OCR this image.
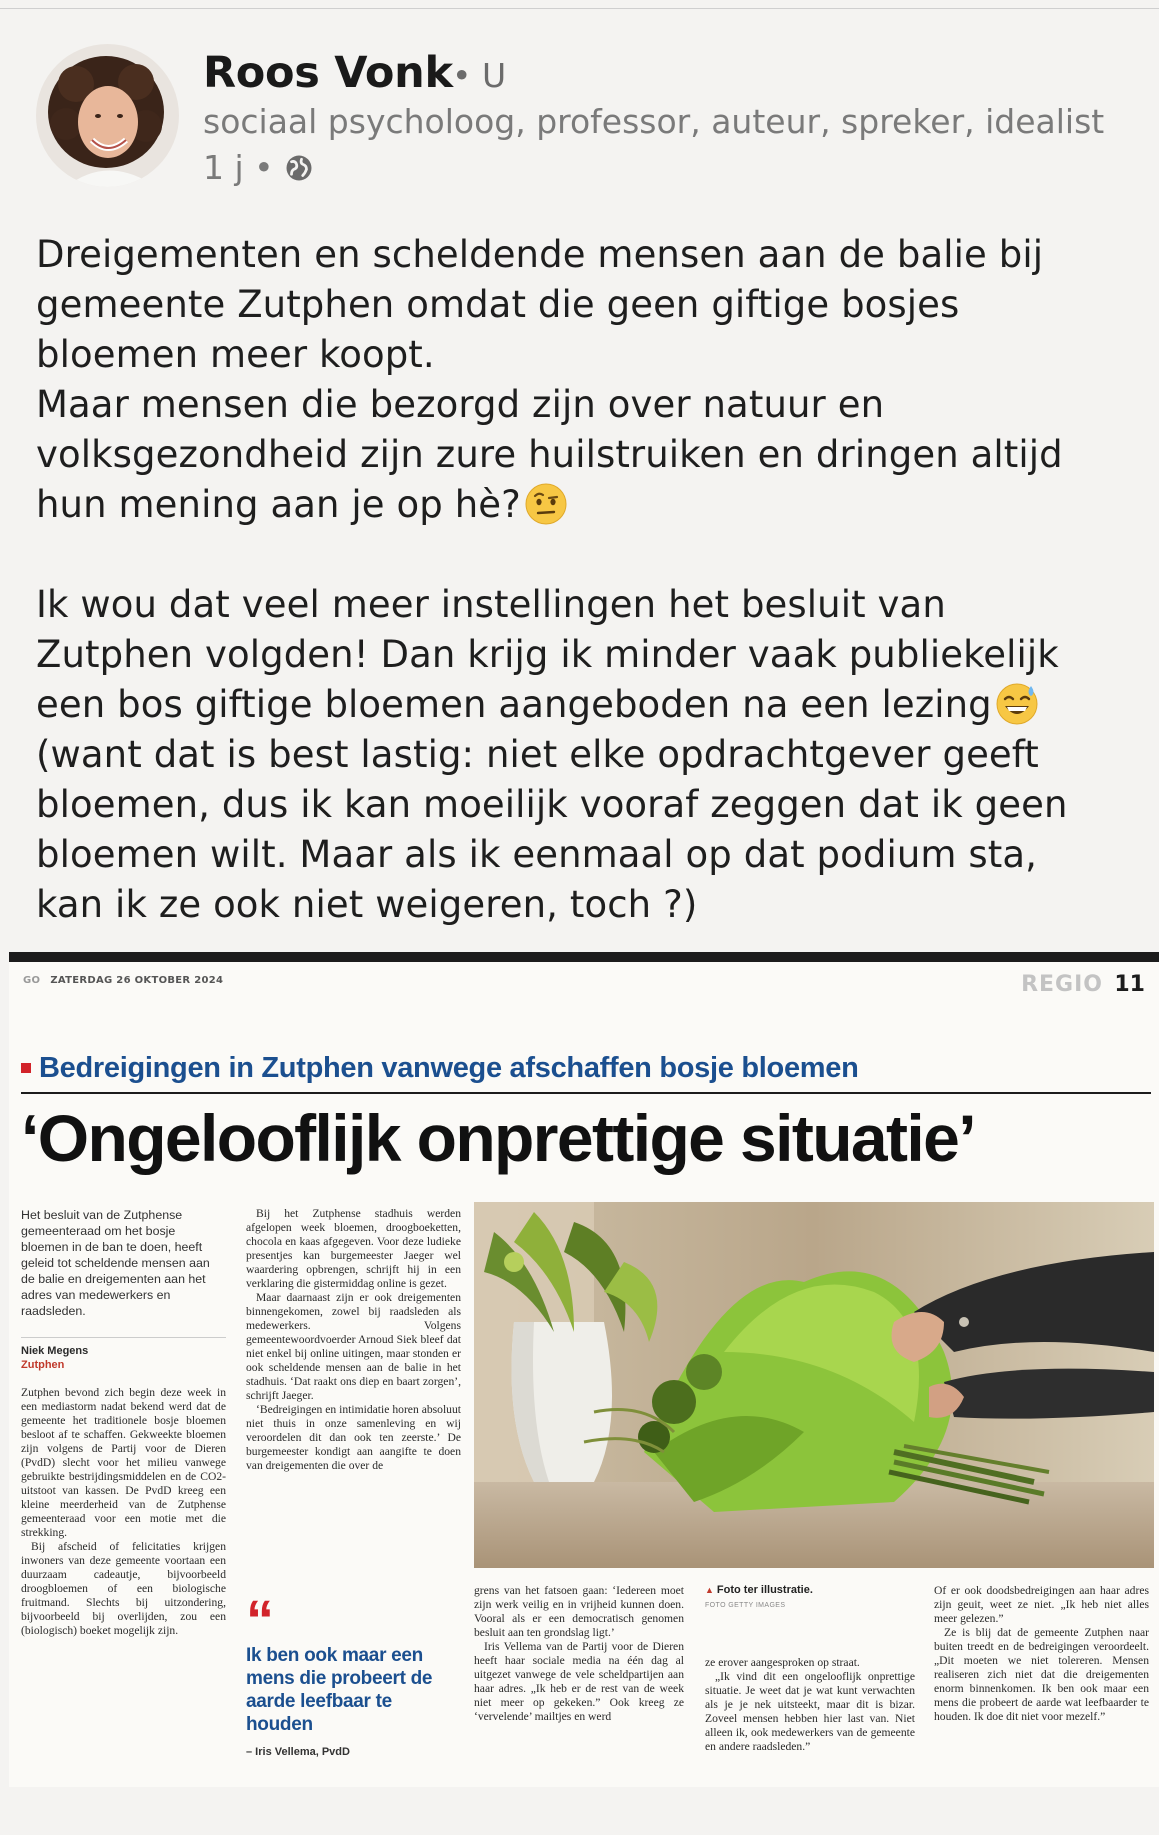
Roos Vonk • U
sociaal psycholoog, professor, auteur, spreker, idealist
1 j •
Dreigementen en scheldende mensen aan de balie bij
gemeente Zutphen omdat die geen giftige bosjes
bloemen meer koopt.
Maar mensen die bezorgd zijn over natuur en
volksgezondheid zijn zure huilstruiken en dringen altijd
hun mening aan je op hè?
Ik wou dat veel meer instellingen het besluit van
Zutphen volgden! Dan krijg ik minder vaak publiekelijk
een bos giftige bloemen aangeboden na een lezing
(want dat is best lastig: niet elke opdrachtgever geeft
bloemen, dus ik kan moeilijk vooraf zeggen dat ik geen
bloemen wilt. Maar als ik eenmaal op dat podium sta,
kan ik ze ook niet weigeren, toch ?)
GO ZATERDAG 26 OKTOBER 2024	REGIO 11
Bedreigingen in Zutphen vanwege afschaffen bosje bloemen
‘Ongelooflijk onprettige situatie’
Het besluit van de Zutphense gemeenteraad om het bosje bloemen in de ban te doen, heeft geleid tot scheldende mensen aan de balie en dreigementen aan het adres van medewerkers en raadsleden.
Niek Megens
Zutphen

Zutphen bevond zich begin deze week in een mediastorm nadat bekend werd dat de gemeente het traditionele bosje bloemen besloot af te schaffen. Gekweekte bloemen zijn volgens de Partij voor de Dieren (PvdD) slecht voor het milieu vanwege gebruikte bestrijdingsmiddelen en de CO2-uitstoot van kassen. De PvdD kreeg een kleine meerderheid van de Zutphense gemeenteraad voor een motie met die strekking.

Bij afscheid of felicitaties krijgen inwoners van deze gemeente voortaan een duurzaam cadeautje, bijvoorbeeld droogbloemen of een biologische fruitmand. Slechts bij uitzondering, bijvoorbeeld bij overlijden, zou een (biologisch) boeket mogelijk zijn.

Bij het Zutphense stadhuis werden afgelopen week bloemen, droogboeketten, chocola en kaas afgegeven. Voor deze ludieke presentjes kan burgemeester Jaeger wel waardering opbrengen, schrijft hij in een verklaring die gistermiddag online is gezet.

Maar daarnaast zijn er ook dreigementen binnengekomen, zowel bij raadsleden als medewerkers. Volgens gemeentewoordvoerder Arnoud Siek bleef dat niet enkel bij online uitingen, maar stonden er ook scheldende mensen aan de balie in het stadhuis. ‘Dat raakt ons diep en baart zorgen’, schrijft Jaeger.

‘Bedreigingen en intimidatie horen absoluut niet thuis in onze samenleving en wij veroordelen dit dan ook ten zeerste.’ De burgemeester kondigt aan aangifte te doen van dreigementen die over de

“
Ik ben ook maar een mens die probeert de aarde leefbaar te houden
– Iris Vellema, PvdD

grens van het fatsoen gaan: ‘Iedereen moet zijn werk veilig en in vrijheid kunnen doen. Vooral als er een democratisch genomen besluit aan ten grondslag ligt.’

Iris Vellema van de Partij voor de Dieren heeft haar sociale media na één dag al uitgezet vanwege de vele scheldpartijen aan haar adres. „Ik heb er de rest van de week niet meer op gekeken.” Ook kreeg ze ‘vervelende’ mailtjes en werd

▲ Foto ter illustratie.
FOTO GETTY IMAGES

ze erover aangesproken op straat.

„Ik vind dit een ongelooflijk onprettige situatie. Je weet dat je wat kunt verwachten als je je nek uitsteekt, maar dit is bizar. Zoveel mensen hebben hier last van. Niet alleen ik, ook medewerkers van de gemeente en andere raadsleden.”

Of er ook doodsbedreigingen aan haar adres zijn geuit, weet ze niet. „Ik heb niet alles meer gelezen.”

Ze is blij dat de gemeente Zutphen naar buiten treedt en de bedreigingen veroordeelt. „Dit moeten we niet tolereren. Mensen realiseren zich niet dat die dreigementen enorm binnenkomen. Ik ben ook maar een mens die probeert de aarde wat leefbaarder te houden. Ik doe dit niet voor mezelf.”
